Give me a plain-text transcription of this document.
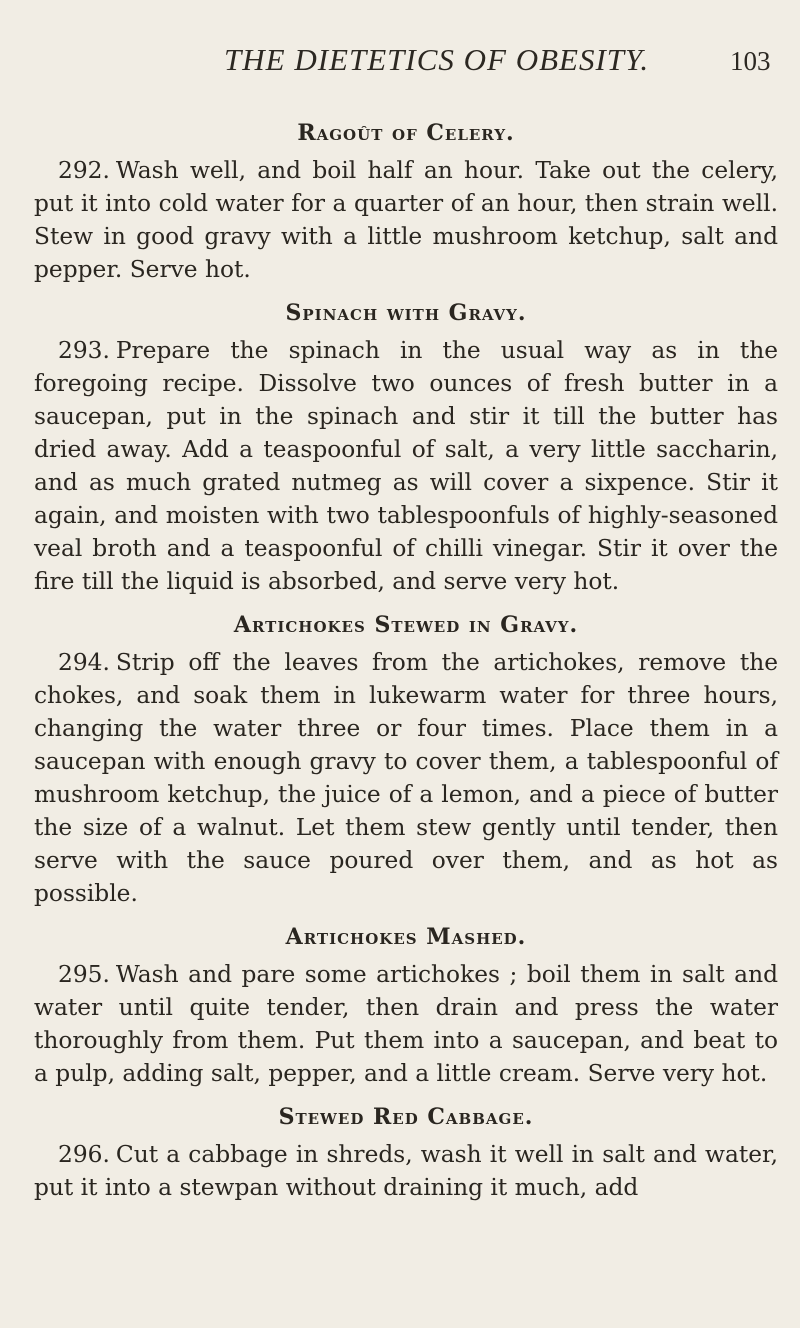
THE DIETETICS OF OBESITY.	103
Ragoût of Celery.

292. Wash well, and boil half an hour. Take out the celery, put it into cold water for a quarter of an hour, then strain well. Stew in good gravy with a little mushroom ketchup, salt and pepper. Serve hot.

Spinach with Gravy.

293. Prepare the spinach in the usual way as in the foregoing recipe. Dissolve two ounces of fresh butter in a saucepan, put in the spinach and stir it till the butter has dried away. Add a teaspoonful of salt, a very little saccharin, and as much grated nutmeg as will cover a sixpence. Stir it again, and moisten with two tablespoonfuls of highly-seasoned veal broth and a teaspoonful of chilli vinegar. Stir it over the fire till the liquid is absorbed, and serve very hot.

Artichokes Stewed in Gravy.

294. Strip off the leaves from the artichokes, remove the chokes, and soak them in lukewarm water for three hours, changing the water three or four times. Place them in a saucepan with enough gravy to cover them, a tablespoonful of mushroom ketchup, the juice of a lemon, and a piece of butter the size of a walnut. Let them stew gently until tender, then serve with the sauce poured over them, and as hot as possible.

Artichokes Mashed.

295. Wash and pare some artichokes ; boil them in salt and water until quite tender, then drain and press the water thoroughly from them. Put them into a saucepan, and beat to a pulp, adding salt, pepper, and a little cream. Serve very hot.

Stewed Red Cabbage.

296. Cut a cabbage in shreds, wash it well in salt and water, put it into a stewpan without draining it much, add
